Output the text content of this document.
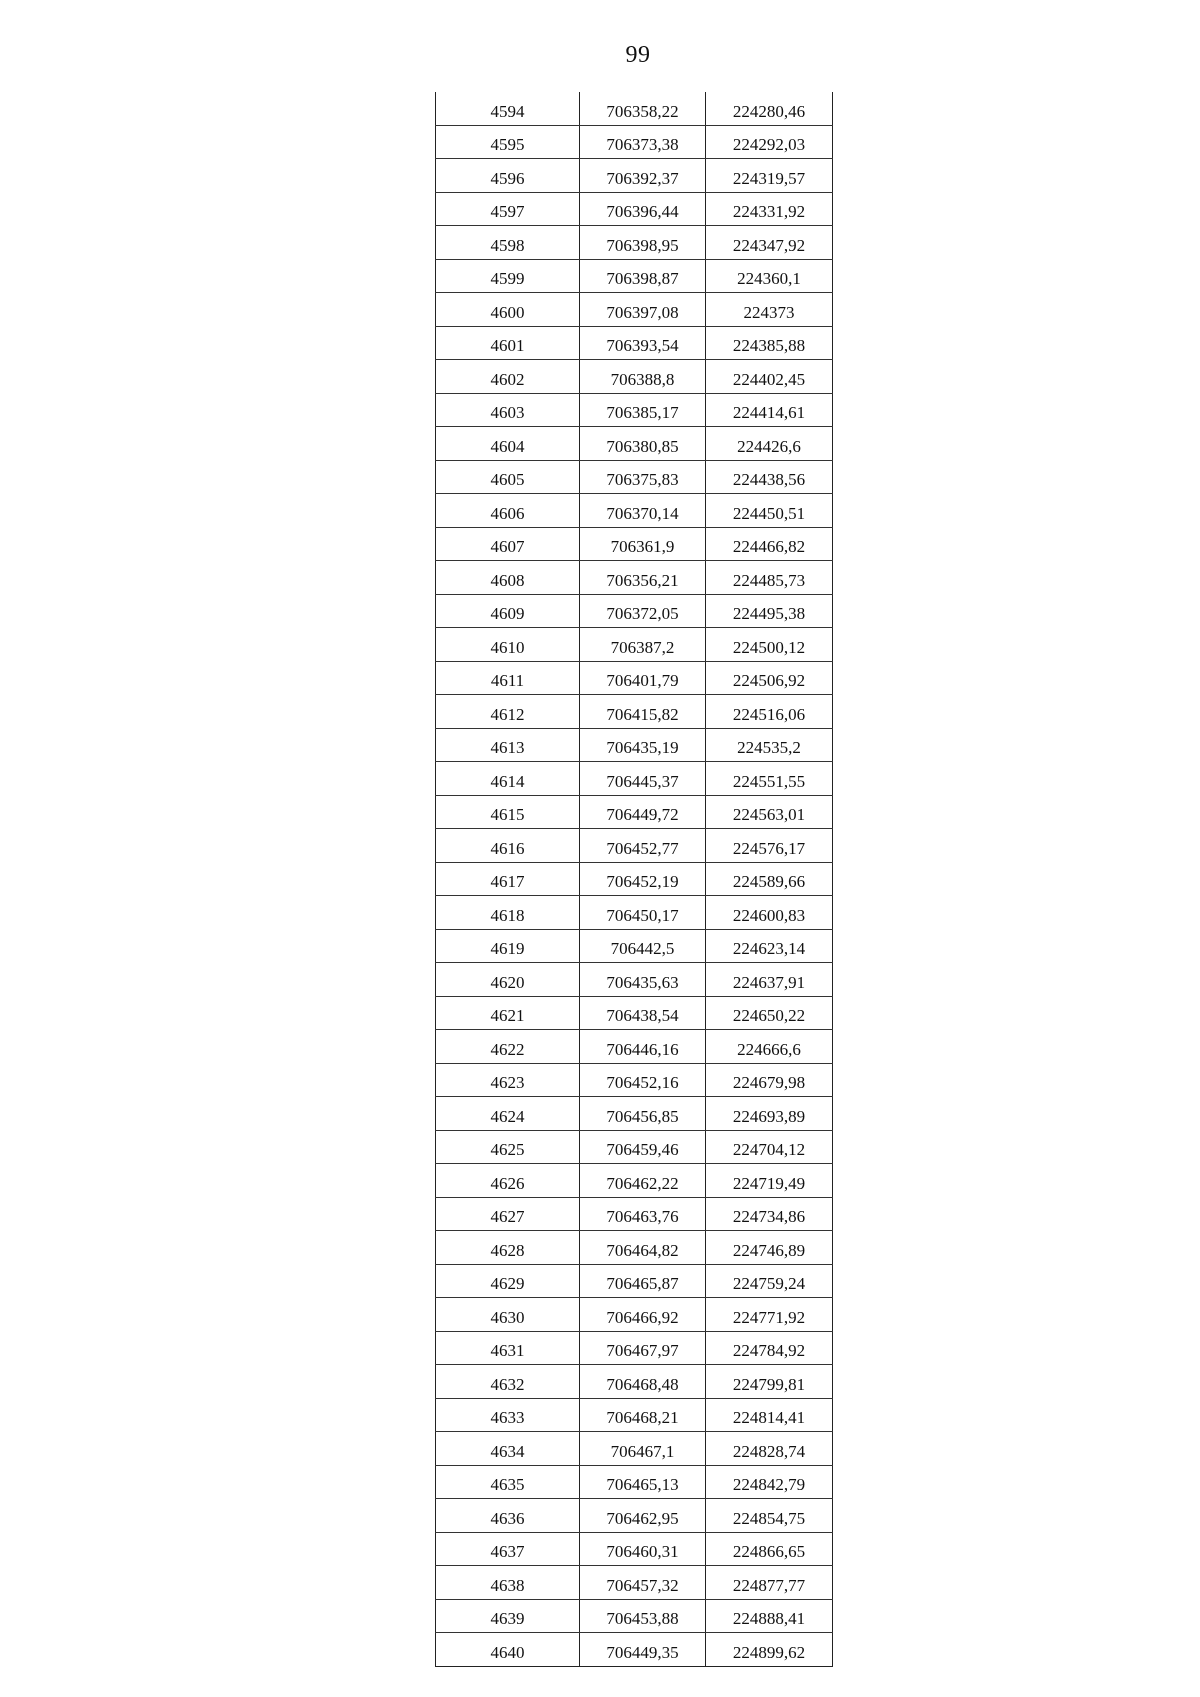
99
4594	706358,22	224280,46
4595	706373,38	224292,03
4596	706392,37	224319,57
4597	706396,44	224331,92
4598	706398,95	224347,92
4599	706398,87	224360,1
4600	706397,08	224373
4601	706393,54	224385,88
4602	706388,8	224402,45
4603	706385,17	224414,61
4604	706380,85	224426,6
4605	706375,83	224438,56
4606	706370,14	224450,51
4607	706361,9	224466,82
4608	706356,21	224485,73
4609	706372,05	224495,38
4610	706387,2	224500,12
4611	706401,79	224506,92
4612	706415,82	224516,06
4613	706435,19	224535,2
4614	706445,37	224551,55
4615	706449,72	224563,01
4616	706452,77	224576,17
4617	706452,19	224589,66
4618	706450,17	224600,83
4619	706442,5	224623,14
4620	706435,63	224637,91
4621	706438,54	224650,22
4622	706446,16	224666,6
4623	706452,16	224679,98
4624	706456,85	224693,89
4625	706459,46	224704,12
4626	706462,22	224719,49
4627	706463,76	224734,86
4628	706464,82	224746,89
4629	706465,87	224759,24
4630	706466,92	224771,92
4631	706467,97	224784,92
4632	706468,48	224799,81
4633	706468,21	224814,41
4634	706467,1	224828,74
4635	706465,13	224842,79
4636	706462,95	224854,75
4637	706460,31	224866,65
4638	706457,32	224877,77
4639	706453,88	224888,41
4640	706449,35	224899,62
